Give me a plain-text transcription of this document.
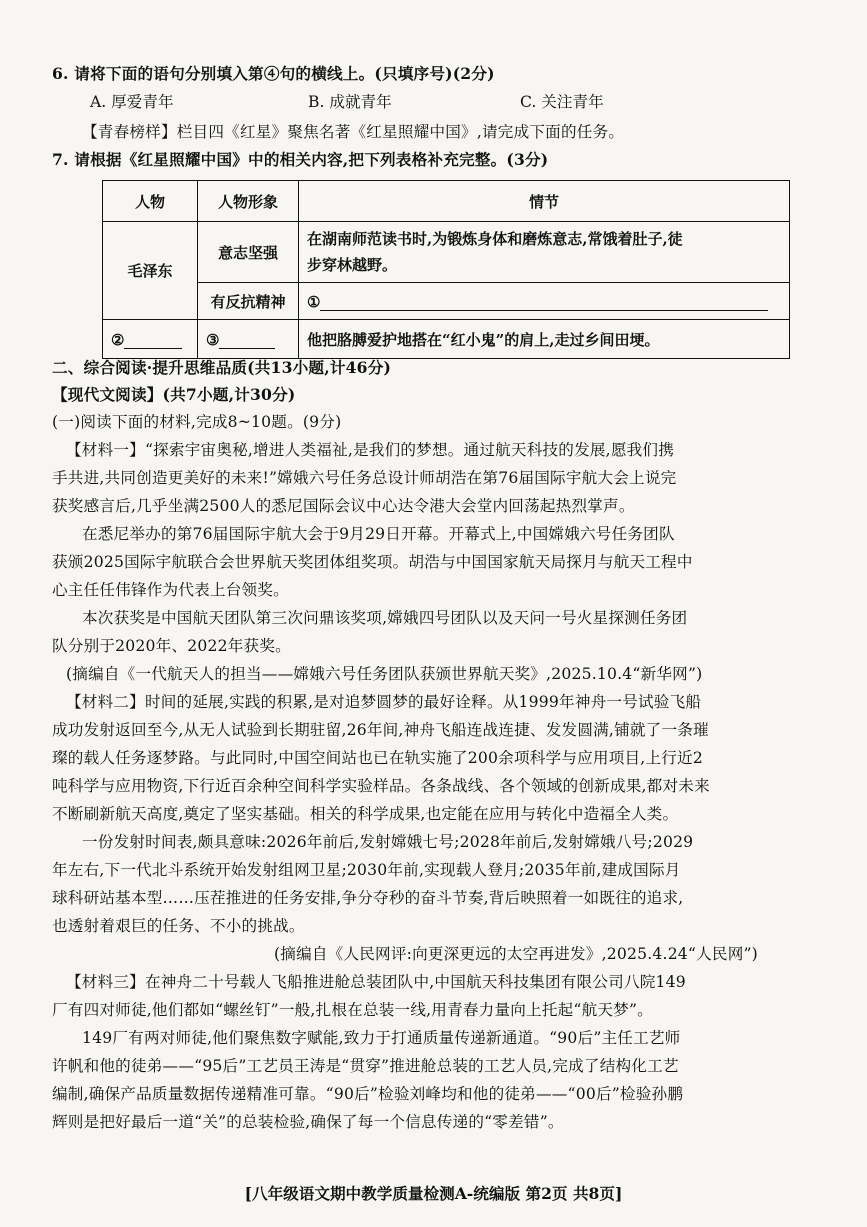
6. 请将下面的语句分别填入第④句的横线上。(只填序号)(2分)
A. 厚爱青年	B. 成就青年	C. 关注青年
【青春榜样】栏目四《红星》聚焦名著《红星照耀中国》,请完成下面的任务。
7. 请根据《红星照耀中国》中的相关内容,把下列表格补充完整。(3分)
人物	人物形象	情节
毛泽东	意志坚强	在湖南师范读书时,为锻炼身体和磨炼意志,常饿着肚子,徒
步穿林越野。

	有反抗精神	①
②	③	他把胳膊爱护地搭在“红小鬼”的肩上,走过乡间田埂。
二、综合阅读·提升思维品质(共13小题,计46分)
【现代文阅读】(共7小题,计30分)
(一)阅读下面的材料,完成8~10题。(9分)
【材料一】“探索宇宙奥秘,增进人类福祉,是我们的梦想。通过航天科技的发展,愿我们携
手共进,共同创造更美好的未来!”嫦娥六号任务总设计师胡浩在第76届国际宇航大会上说完
获奖感言后,几乎坐满2500人的悉尼国际会议中心达令港大会堂内回荡起热烈掌声。
在悉尼举办的第76届国际宇航大会于9月29日开幕。开幕式上,中国嫦娥六号任务团队
获颁2025国际宇航联合会世界航天奖团体组奖项。胡浩与中国国家航天局探月与航天工程中
心主任任伟锋作为代表上台领奖。
本次获奖是中国航天团队第三次问鼎该奖项,嫦娥四号团队以及天问一号火星探测任务团
队分别于2020年、2022年获奖。
(摘编自《一代航天人的担当——嫦娥六号任务团队获颁世界航天奖》,2025.10.4“新华网”)
【材料二】时间的延展,实践的积累,是对追梦圆梦的最好诠释。从1999年神舟一号试验飞船
成功发射返回至今,从无人试验到长期驻留,26年间,神舟飞船连战连捷、发发圆满,铺就了一条璀
璨的载人任务逐梦路。与此同时,中国空间站也已在轨实施了200余项科学与应用项目,上行近2
吨科学与应用物资,下行近百余种空间科学实验样品。各条战线、各个领域的创新成果,都对未来
不断刷新航天高度,奠定了坚实基础。相关的科学成果,也定能在应用与转化中造福全人类。
一份发射时间表,颇具意味:2026年前后,发射嫦娥七号;2028年前后,发射嫦娥八号;2029
年左右,下一代北斗系统开始发射组网卫星;2030年前,实现载人登月;2035年前,建成国际月
球科研站基本型……压茬推进的任务安排,争分夺秒的奋斗节奏,背后映照着一如既往的追求,
也透射着艰巨的任务、不小的挑战。
(摘编自《人民网评:向更深更远的太空再进发》,2025.4.24“人民网”)
【材料三】在神舟二十号载人飞船推进舱总装团队中,中国航天科技集团有限公司八院149
厂有四对师徒,他们都如“螺丝钉”一般,扎根在总装一线,用青春力量向上托起“航天梦”。
149厂有两对师徒,他们聚焦数字赋能,致力于打通质量传递新通道。“90后”主任工艺师
许帆和他的徒弟——“95后”工艺员王涛是“贯穿”推进舱总装的工艺人员,完成了结构化工艺
编制,确保产品质量数据传递精准可靠。“90后”检验刘峰均和他的徒弟——“00后”检验孙鹏
辉则是把好最后一道“关”的总装检验,确保了每一个信息传递的“零差错”。
[八年级语文期中教学质量检测A-统编版 第2页 共8页]
